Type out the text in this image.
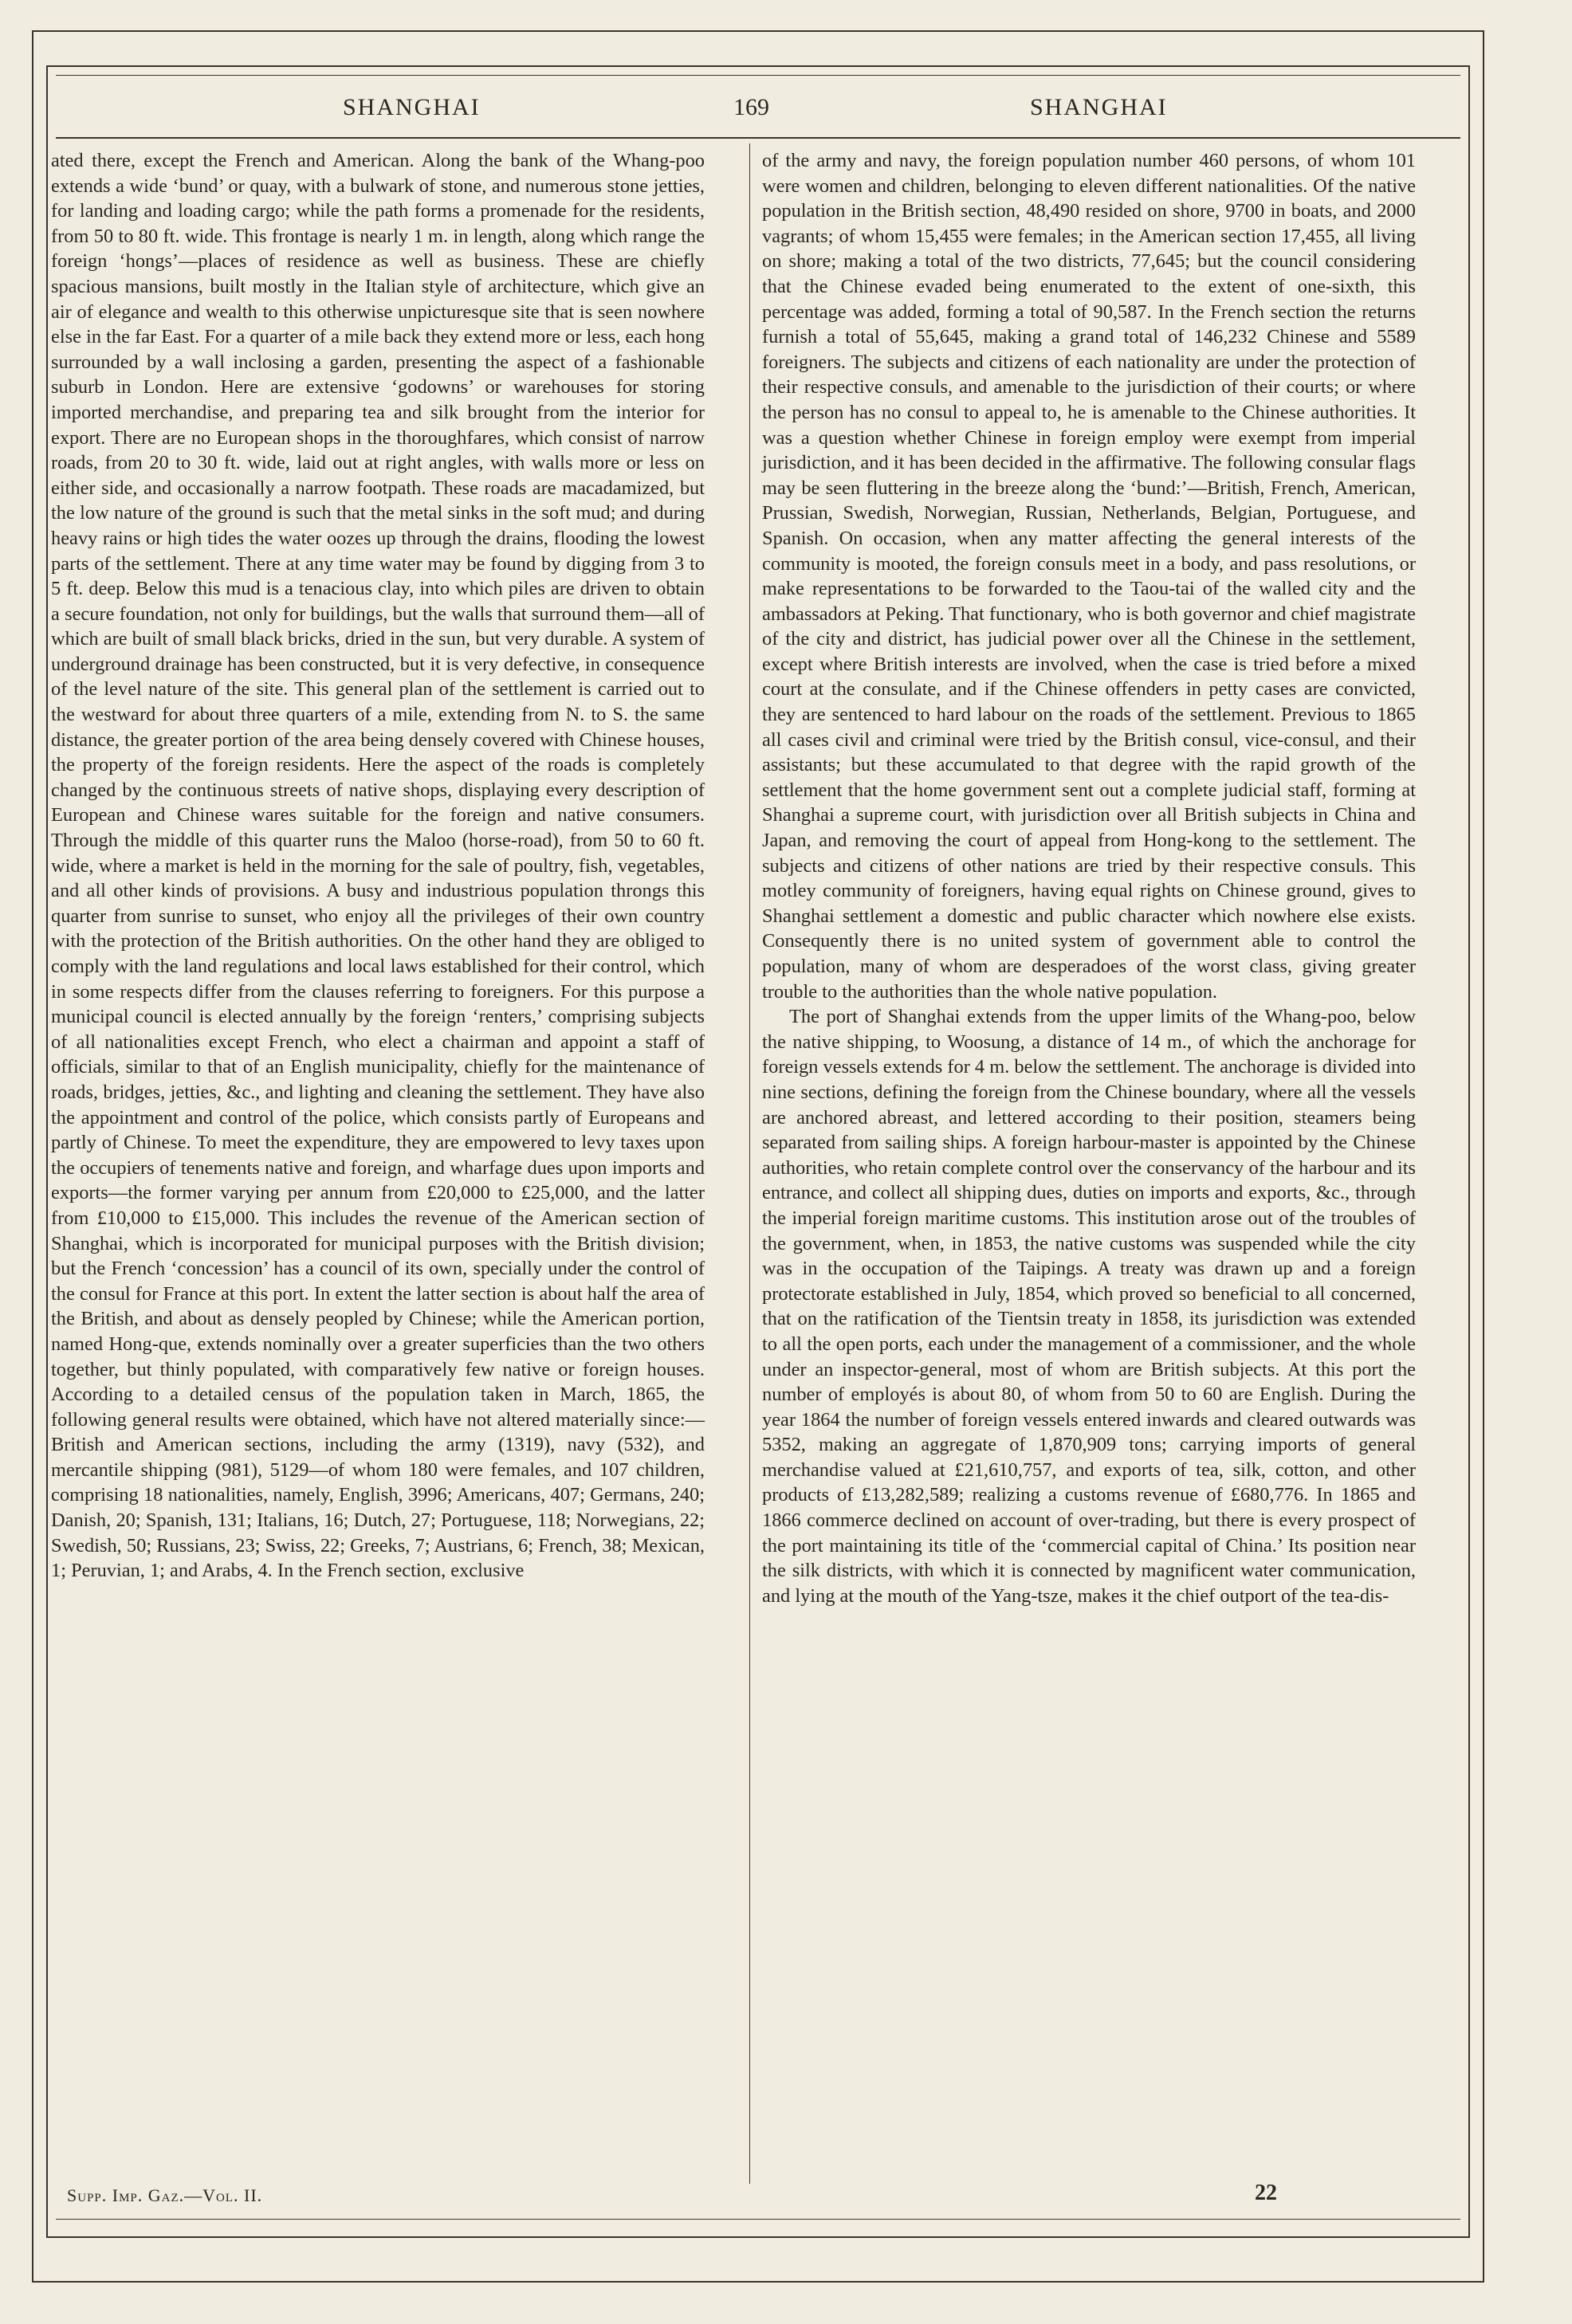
SHANGHAI	169	SHANGHAI

ated there, except the French and American. Along the bank of the Whang-poo extends a wide ‘bund’ or quay, with a bulwark of stone, and numerous stone jetties, for landing and loading cargo; while the path forms a promenade for the residents, from 50 to 80 ft. wide. This frontage is nearly 1 m. in length, along which range the foreign ‘hongs’—places of residence as well as business. These are chiefly spacious mansions, built mostly in the Italian style of architecture, which give an air of elegance and wealth to this otherwise unpicturesque site that is seen nowhere else in the far East. For a quarter of a mile back they extend more or less, each hong surrounded by a wall inclosing a garden, presenting the aspect of a fashionable suburb in London. Here are extensive ‘godowns’ or warehouses for storing imported merchandise, and preparing tea and silk brought from the interior for export. There are no European shops in the thoroughfares, which consist of narrow roads, from 20 to 30 ft. wide, laid out at right angles, with walls more or less on either side, and occasionally a narrow footpath. These roads are macadamized, but the low nature of the ground is such that the metal sinks in the soft mud; and during heavy rains or high tides the water oozes up through the drains, flooding the lowest parts of the settlement. There at any time water may be found by digging from 3 to 5 ft. deep. Below this mud is a tenacious clay, into which piles are driven to obtain a secure foundation, not only for buildings, but the walls that surround them—all of which are built of small black bricks, dried in the sun, but very durable. A system of underground drainage has been constructed, but it is very defective, in consequence of the level nature of the site. This general plan of the settlement is carried out to the westward for about three quarters of a mile, extending from N. to S. the same distance, the greater portion of the area being densely covered with Chinese houses, the property of the foreign residents. Here the aspect of the roads is completely changed by the continuous streets of native shops, displaying every description of European and Chinese wares suitable for the foreign and native consumers. Through the middle of this quarter runs the Maloo (horse-road), from 50 to 60 ft. wide, where a market is held in the morning for the sale of poultry, fish, vegetables, and all other kinds of provisions. A busy and industrious population throngs this quarter from sunrise to sunset, who enjoy all the privileges of their own country with the protection of the British authorities. On the other hand they are obliged to comply with the land regulations and local laws established for their control, which in some respects differ from the clauses referring to foreigners. For this purpose a municipal council is elected annually by the foreign ‘renters,’ comprising subjects of all nationalities except French, who elect a chairman and appoint a staff of officials, similar to that of an English municipality, chiefly for the maintenance of roads, bridges, jetties, &c., and lighting and cleaning the settlement. They have also the appointment and control of the police, which consists partly of Europeans and partly of Chinese. To meet the expenditure, they are empowered to levy taxes upon the occupiers of tenements native and foreign, and wharfage dues upon imports and exports—the former varying per annum from £20,000 to £25,000, and the latter from £10,000 to £15,000. This includes the revenue of the American section of Shanghai, which is incorporated for municipal purposes with the British division; but the French ‘concession’ has a council of its own, specially under the control of the consul for France at this port. In extent the latter section is about half the area of the British, and about as densely peopled by Chinese; while the American portion, named Hong-que, extends nominally over a greater superficies than the two others together, but thinly populated, with comparatively few native or foreign houses. According to a detailed census of the population taken in March, 1865, the following general results were obtained, which have not altered materially since:— British and American sections, including the army (1319), navy (532), and mercantile shipping (981), 5129—of whom 180 were females, and 107 children, comprising 18 nationalities, namely, English, 3996; Americans, 407; Germans, 240; Danish, 20; Spanish, 131; Italians, 16; Dutch, 27; Portuguese, 118; Norwegians, 22; Swedish, 50; Russians, 23; Swiss, 22; Greeks, 7; Austrians, 6; French, 38; Mexican, 1; Peruvian, 1; and Arabs, 4. In the French section, exclusive

of the army and navy, the foreign population number 460 persons, of whom 101 were women and children, belonging to eleven different nationalities. Of the native population in the British section, 48,490 resided on shore, 9700 in boats, and 2000 vagrants; of whom 15,455 were females; in the American section 17,455, all living on shore; making a total of the two districts, 77,645; but the council considering that the Chinese evaded being enumerated to the extent of one-sixth, this percentage was added, forming a total of 90,587. In the French section the returns furnish a total of 55,645, making a grand total of 146,232 Chinese and 5589 foreigners. The subjects and citizens of each nationality are under the protection of their respective consuls, and amenable to the jurisdiction of their courts; or where the person has no consul to appeal to, he is amenable to the Chinese authorities. It was a question whether Chinese in foreign employ were exempt from imperial jurisdiction, and it has been decided in the affirmative. The following consular flags may be seen fluttering in the breeze along the ‘bund:’—British, French, American, Prussian, Swedish, Norwegian, Russian, Netherlands, Belgian, Portuguese, and Spanish. On occasion, when any matter affecting the general interests of the community is mooted, the foreign consuls meet in a body, and pass resolutions, or make representations to be forwarded to the Taou-tai of the walled city and the ambassadors at Peking. That functionary, who is both governor and chief magistrate of the city and district, has judicial power over all the Chinese in the settlement, except where British interests are involved, when the case is tried before a mixed court at the consulate, and if the Chinese offenders in petty cases are convicted, they are sentenced to hard labour on the roads of the settlement. Previous to 1865 all cases civil and criminal were tried by the British consul, vice-consul, and their assistants; but these accumulated to that degree with the rapid growth of the settlement that the home government sent out a complete judicial staff, forming at Shanghai a supreme court, with jurisdiction over all British subjects in China and Japan, and removing the court of appeal from Hong-kong to the settlement. The subjects and citizens of other nations are tried by their respective consuls. This motley community of foreigners, having equal rights on Chinese ground, gives to Shanghai settlement a domestic and public character which nowhere else exists. Consequently there is no united system of government able to control the population, many of whom are desperadoes of the worst class, giving greater trouble to the authorities than the whole native population.

The port of Shanghai extends from the upper limits of the Whang-poo, below the native shipping, to Woosung, a distance of 14 m., of which the anchorage for foreign vessels extends for 4 m. below the settlement. The anchorage is divided into nine sections, defining the foreign from the Chinese boundary, where all the vessels are anchored abreast, and lettered according to their position, steamers being separated from sailing ships. A foreign harbour-master is appointed by the Chinese authorities, who retain complete control over the conservancy of the harbour and its entrance, and collect all shipping dues, duties on imports and exports, &c., through the imperial foreign maritime customs. This institution arose out of the troubles of the government, when, in 1853, the native customs was suspended while the city was in the occupation of the Taipings. A treaty was drawn up and a foreign protectorate established in July, 1854, which proved so beneficial to all concerned, that on the ratification of the Tientsin treaty in 1858, its jurisdiction was extended to all the open ports, each under the management of a commissioner, and the whole under an inspector-general, most of whom are British subjects. At this port the number of employés is about 80, of whom from 50 to 60 are English. During the year 1864 the number of foreign vessels entered inwards and cleared outwards was 5352, making an aggregate of 1,870,909 tons; carrying imports of general merchandise valued at £21,610,757, and exports of tea, silk, cotton, and other products of £13,282,589; realizing a customs revenue of £680,776. In 1865 and 1866 commerce declined on account of over-trading, but there is every prospect of the port maintaining its title of the ‘commercial capital of China.’ Its position near the silk districts, with which it is connected by magnificent water communication, and lying at the mouth of the Yang-tsze, makes it the chief outport of the tea-dis-

Supp. Imp. Gaz.—Vol. II.	22
